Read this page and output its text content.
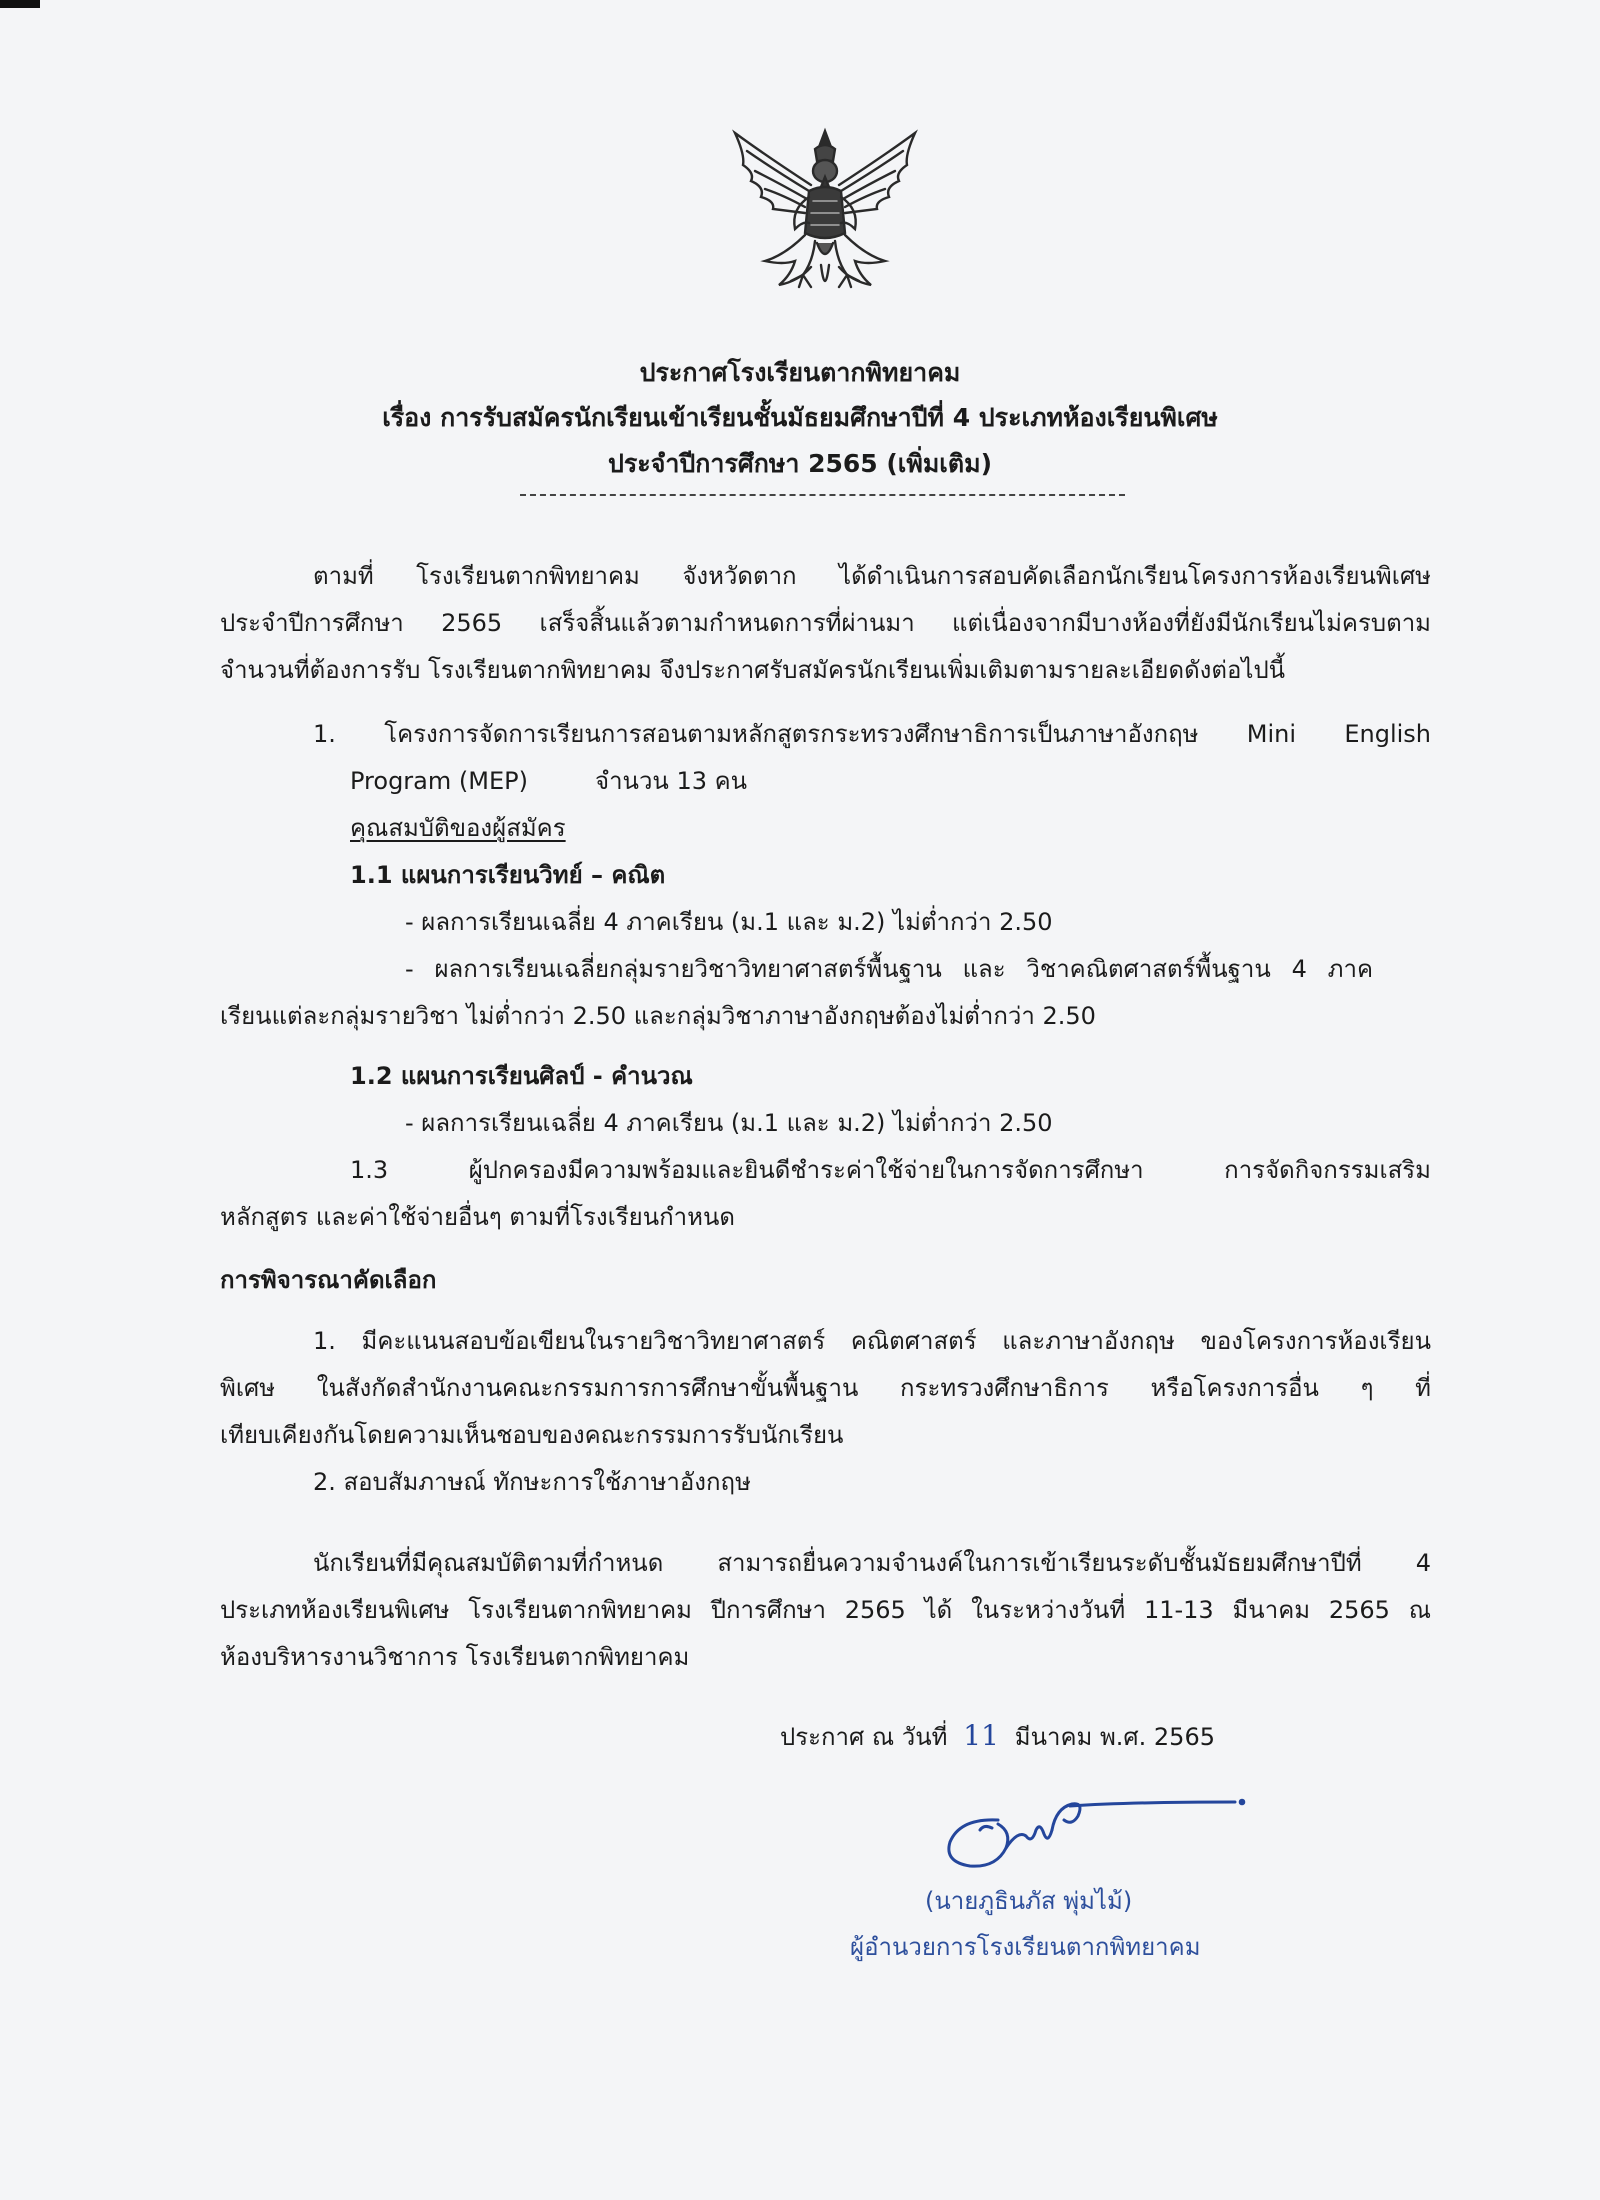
ประกาศโรงเรียนตากพิทยาคม
เรื่อง การรับสมัครนักเรียนเข้าเรียนชั้นมัธยมศึกษาปีที่ 4 ประเภทห้องเรียนพิเศษ
ประจำปีการศึกษา 2565 (เพิ่มเติม)
ตามที่ โรงเรียนตากพิทยาคม จังหวัดตาก ได้ดำเนินการสอบคัดเลือกนักเรียนโครงการห้องเรียนพิเศษ
ประจำปีการศึกษา 2565 เสร็จสิ้นแล้วตามกำหนดการที่ผ่านมา แต่เนื่องจากมีบางห้องที่ยังมีนักเรียนไม่ครบตาม
จำนวนที่ต้องการรับ โรงเรียนตากพิทยาคม จึงประกาศรับสมัครนักเรียนเพิ่มเติมตามรายละเอียดดังต่อไปนี้
1. โครงการจัดการเรียนการสอนตามหลักสูตรกระทรวงศึกษาธิการเป็นภาษาอังกฤษ Mini English
Program (MEP)	จำนวน 13 คน
คุณสมบัติของผู้สมัคร
1.1 แผนการเรียนวิทย์ – คณิต
- ผลการเรียนเฉลี่ย 4 ภาคเรียน (ม.1 และ ม.2) ไม่ต่ำกว่า 2.50
- ผลการเรียนเฉลี่ยกลุ่มรายวิชาวิทยาศาสตร์พื้นฐาน และ วิชาคณิตศาสตร์พื้นฐาน 4 ภาค
เรียนแต่ละกลุ่มรายวิชา ไม่ต่ำกว่า 2.50 และกลุ่มวิชาภาษาอังกฤษต้องไม่ต่ำกว่า 2.50
1.2 แผนการเรียนศิลป์ - คำนวณ
- ผลการเรียนเฉลี่ย 4 ภาคเรียน (ม.1 และ ม.2) ไม่ต่ำกว่า 2.50
1.3 ผู้ปกครองมีความพร้อมและยินดีชำระค่าใช้จ่ายในการจัดการศึกษา การจัดกิจกรรมเสริม
หลักสูตร และค่าใช้จ่ายอื่นๆ ตามที่โรงเรียนกำหนด
การพิจารณาคัดเลือก
1. มีคะแนนสอบข้อเขียนในรายวิชาวิทยาศาสตร์ คณิตศาสตร์ และภาษาอังกฤษ ของโครงการห้องเรียน
พิเศษ ในสังกัดสำนักงานคณะกรรมการการศึกษาขั้นพื้นฐาน กระทรวงศึกษาธิการ หรือโครงการอื่น ๆ ที่
เทียบเคียงกันโดยความเห็นชอบของคณะกรรมการรับนักเรียน
2. สอบสัมภาษณ์ ทักษะการใช้ภาษาอังกฤษ
นักเรียนที่มีคุณสมบัติตามที่กำหนด สามารถยื่นความจำนงค์ในการเข้าเรียนระดับชั้นมัธยมศึกษาปีที่ 4
ประเภทห้องเรียนพิเศษ โรงเรียนตากพิทยาคม ปีการศึกษา 2565 ได้ ในระหว่างวันที่ 11-13 มีนาคม 2565 ณ
ห้องบริหารงานวิชาการ โรงเรียนตากพิทยาคม
ประกาศ ณ วันที่ 11 มีนาคม พ.ศ. 2565
(นายภูธินภัส พุ่มไม้)
ผู้อำนวยการโรงเรียนตากพิทยาคม
